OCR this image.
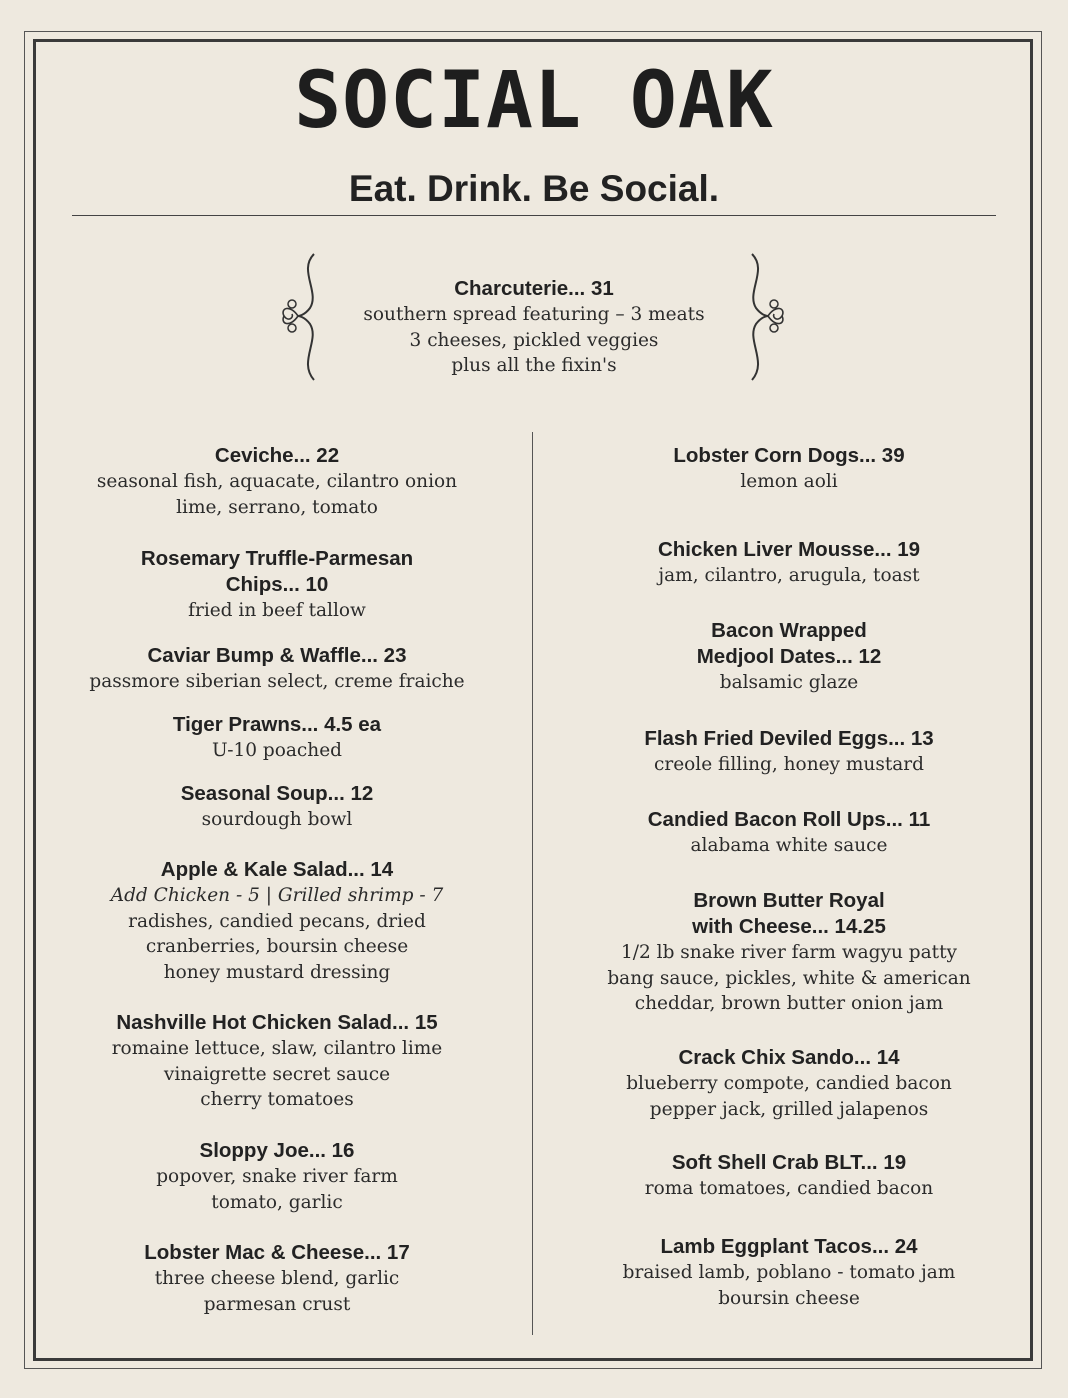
SOCIAL OAK
Eat. Drink. Be Social.
Charcuterie... 31
southern spread featuring – 3 meats
3 cheeses, pickled veggies
plus all the fixin's
Ceviche... 22
seasonal fish, aquacate, cilantro onion
lime, serrano, tomato
Rosemary Truffle-Parmesan
Chips... 10
fried in beef tallow
Caviar Bump & Waffle... 23
passmore siberian select, creme fraiche
Tiger Prawns... 4.5 ea
U-10 poached
Seasonal Soup... 12
sourdough bowl
Apple & Kale Salad... 14
Add Chicken - 5 | Grilled shrimp - 7
radishes, candied pecans, dried
cranberries, boursin cheese
honey mustard dressing
Nashville Hot Chicken Salad... 15
romaine lettuce, slaw, cilantro lime
vinaigrette secret sauce
cherry tomatoes
Sloppy Joe... 16
popover, snake river farm
tomato, garlic
Lobster Mac & Cheese... 17
three cheese blend, garlic
parmesan crust
Lobster Corn Dogs... 39
lemon aoli
Chicken Liver Mousse... 19
jam, cilantro, arugula, toast
Bacon Wrapped
Medjool Dates... 12
balsamic glaze
Flash Fried Deviled Eggs... 13
creole filling, honey mustard
Candied Bacon Roll Ups... 11
alabama white sauce
Brown Butter Royal
with Cheese... 14.25
1/2 lb snake river farm wagyu patty
bang sauce, pickles, white & american
cheddar, brown butter onion jam
Crack Chix Sando... 14
blueberry compote, candied bacon
pepper jack, grilled jalapenos
Soft Shell Crab BLT... 19
roma tomatoes, candied bacon
Lamb Eggplant Tacos... 24
braised lamb, poblano - tomato jam
boursin cheese
